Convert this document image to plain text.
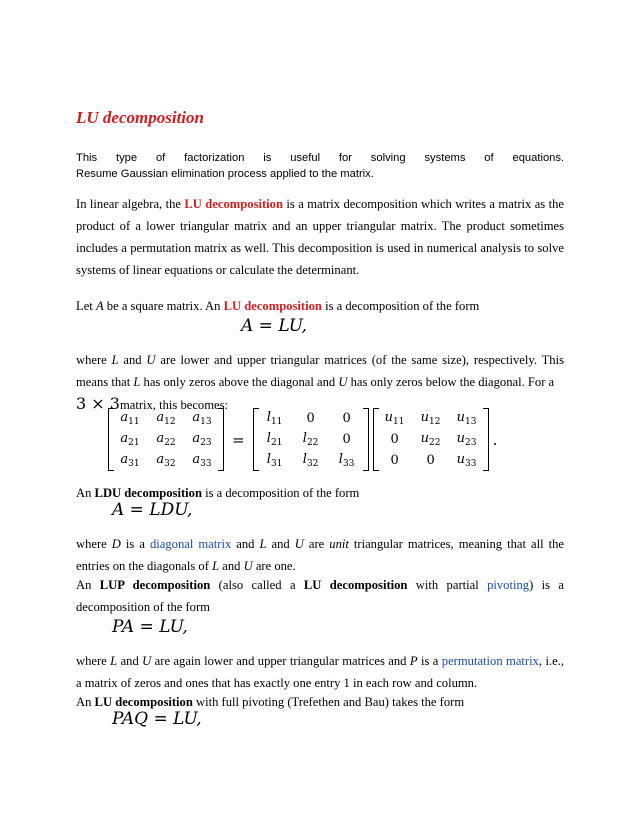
LU decomposition
This type of factorization is useful for solving systems of equations.
Resume Gaussian elimination process applied to the matrix.

In linear algebra, the LU decomposition is a matrix decomposition which writes a matrix as the product of a lower triangular matrix and an upper triangular matrix. The product sometimes includes a permutation matrix as well. This decomposition is used in numerical analysis to solve systems of linear equations or calculate the determinant.

Let A be a square matrix. An LU decomposition is a decomposition of the form

A = LU,

where L and U are lower and upper triangular matrices (of the same size), respectively. This means that L has only zeros above the diagonal and U has only zeros below the diagonal. For a
3 × 3matrix, this becomes:

$a_{11}$ $a_{12}$ $a_{13}$
$a_{21}$ $a_{22}$ $a_{23}$
$a_{31}$ $a_{32}$ $a_{33}$
=
$l_{11}$ 0 0
$l_{21}$ $l_{22}$ 0
$l_{31}$ $l_{32}$ $l_{33}$
$u_{11}$ $u_{12}$ $u_{13}$
0 $u_{22}$ $u_{23}$
0 0 $u_{33}$
.

An LDU decomposition is a decomposition of the form

A = LDU,

where D is a diagonal matrix and L and U are unit triangular matrices, meaning that all the entries on the diagonals of L and U are one.

An LUP decomposition (also called a LU decomposition with partial pivoting) is a decomposition of the form

PA = LU,

where L and U are again lower and upper triangular matrices and P is a permutation matrix, i.e., a matrix of zeros and ones that has exactly one entry 1 in each row and column.

An LU decomposition with full pivoting (Trefethen and Bau) takes the form

PAQ = LU,
